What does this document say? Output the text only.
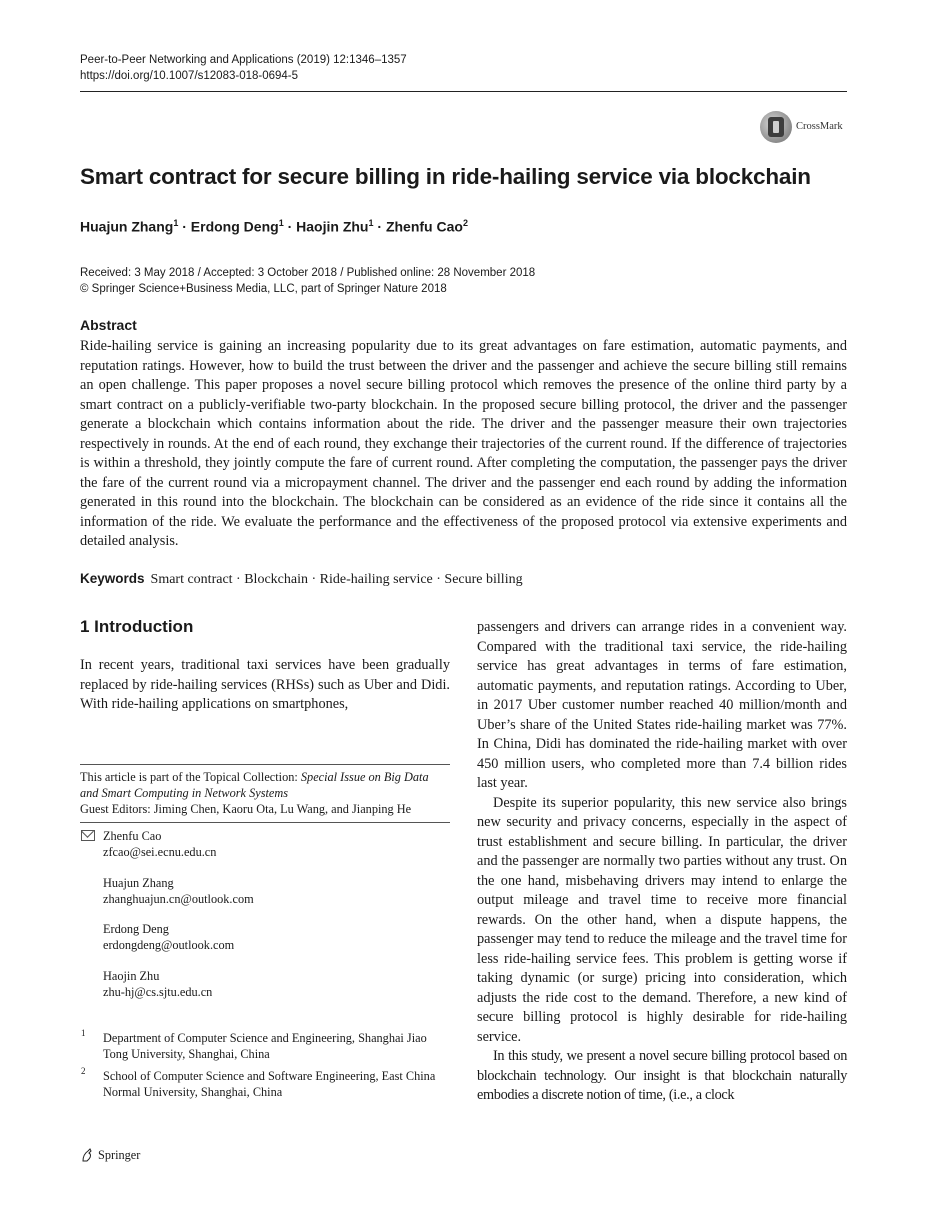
Peer-to-Peer Networking and Applications (2019) 12:1346–1357
https://doi.org/10.1007/s12083-018-0694-5
CrossMark
Smart contract for secure billing in ride-hailing service via blockchain
Huajun Zhang$^1$ · Erdong Deng$^1$ · Haojin Zhu$^1$ · Zhenfu Cao$^2$
Received: 3 May 2018 / Accepted: 3 October 2018 / Published online: 28 November 2018
© Springer Science+Business Media, LLC, part of Springer Nature 2018
Abstract
Ride-hailing service is gaining an increasing popularity due to its great advantages on fare estimation, automatic payments, and reputation ratings. However, how to build the trust between the driver and the passenger and achieve the secure billing still remains an open challenge. This paper proposes a novel secure billing protocol which removes the presence of the online third party by a smart contract on a publicly-verifiable two-party blockchain. In the proposed secure billing protocol, the driver and the passenger generate a blockchain which contains information about the ride. The driver and the passenger measure their own trajectories respectively in rounds. At the end of each round, they exchange their trajectories of the current round. If the difference of trajectories is within a threshold, they jointly compute the fare of current round. After completing the computation, the passenger pays the driver the fare of the current round via a micropayment channel. The driver and the passenger end each round by adding the information generated in this round into the blockchain. The blockchain can be considered as an evidence of the ride since it contains all the information of the ride. We evaluate the performance and the effectiveness of the proposed protocol via extensive experiments and detailed analysis.
Keywords Smart contract · Blockchain · Ride-hailing service · Secure billing
1 Introduction
In recent years, traditional taxi services have been gradually replaced by ride-hailing services (RHSs) such as Uber and Didi. With ride-hailing applications on smartphones,

passengers and drivers can arrange rides in a convenient way. Compared with the traditional taxi service, the ride-hailing service has great advantages in terms of fare estimation, automatic payments, and reputation ratings. According to Uber, in 2017 Uber customer number reached 40 million/month and Uber’s share of the United States ride-hailing market was 77%. In China, Didi has dominated the ride-hailing market with over 450 million users, who completed more than 7.4 billion rides last year.

Despite its superior popularity, this new service also brings new security and privacy concerns, especially in the aspect of trust establishment and secure billing. In particular, the driver and the passenger are normally two parties without any trust. On the one hand, misbehaving drivers may intend to enlarge the output mileage and travel time to receive more financial rewards. On the other hand, when a dispute happens, the passenger may tend to reduce the mileage and the travel time for less ride-hailing service fees. This problem is getting worse if taking dynamic (or surge) pricing into consideration, which adjusts the ride cost to the demand. Therefore, a new kind of secure billing protocol is highly desirable for ride-hailing service.

In this study, we present a novel secure billing protocol based on blockchain technology. Our insight is that blockchain naturally embodies a discrete notion of time, (i.e., a clock

This article is part of the Topical Collection: Special Issue on Big Data and Smart Computing in Network Systems
Guest Editors: Jiming Chen, Kaoru Ota, Lu Wang, and Jianping He
Zhenfu Cao
zfcao@sei.ecnu.edu.cn
Huajun Zhang
zhanghuajun.cn@outlook.com
Erdong Deng
erdongdeng@outlook.com
Haojin Zhu
zhu-hj@cs.sjtu.edu.cn
1 Department of Computer Science and Engineering, Shanghai Jiao Tong University, Shanghai, China
2 School of Computer Science and Software Engineering, East China Normal University, Shanghai, China
Springer
